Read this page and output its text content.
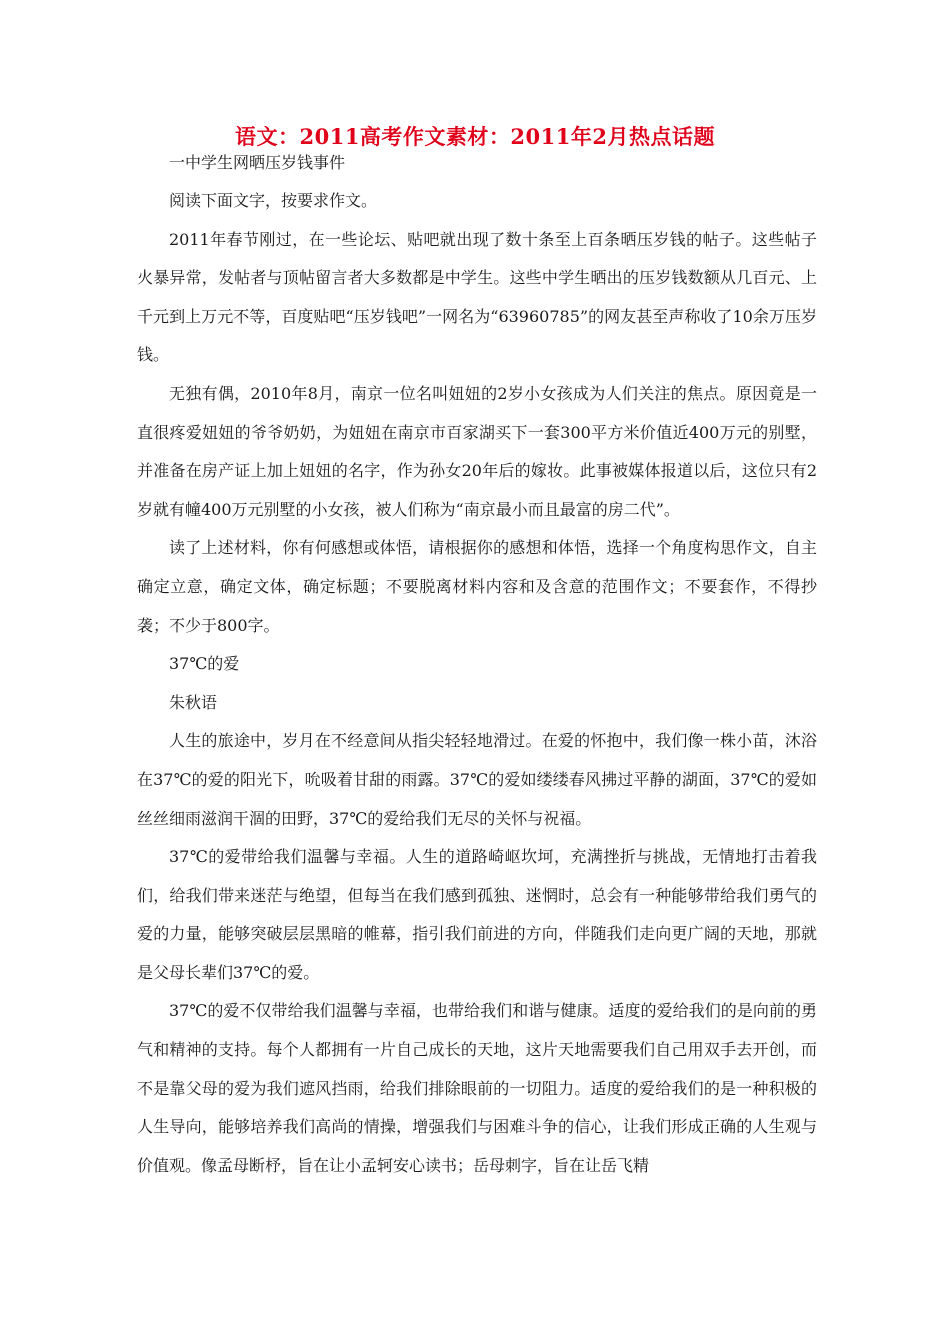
语文：2011高考作文素材：2011年2月热点话题

一中学生网晒压岁钱事件

阅读下面文字，按要求作文。

2011年春节刚过，在一些论坛、贴吧就出现了数十条至上百条晒压岁钱的帖子。这些帖子火暴异常，发帖者与顶帖留言者大多数都是中学生。这些中学生晒出的压岁钱数额从几百元、上千元到上万元不等，百度贴吧“压岁钱吧”一网名为“63960785”的网友甚至声称收了10余万压岁钱。

无独有偶，2010年8月，南京一位名叫妞妞的2岁小女孩成为人们关注的焦点。原因竟是一直很疼爱妞妞的爷爷奶奶，为妞妞在南京市百家湖买下一套300平方米价值近400万元的别墅，并准备在房产证上加上妞妞的名字，作为孙女20年后的嫁妆。此事被媒体报道以后，这位只有2岁就有幢400万元别墅的小女孩，被人们称为“南京最小而且最富的房二代”。

读了上述材料，你有何感想或体悟，请根据你的感想和体悟，选择一个角度构思作文，自主确定立意，确定文体，确定标题；不要脱离材料内容和及含意的范围作文；不要套作，不得抄袭；不少于800字。

37℃的爱

朱秋语

人生的旅途中，岁月在不经意间从指尖轻轻地滑过。在爱的怀抱中，我们像一株小苗，沐浴在37℃的爱的阳光下，吮吸着甘甜的雨露。37℃的爱如缕缕春风拂过平静的湖面，37℃的爱如丝丝细雨滋润干涸的田野，37℃的爱给我们无尽的关怀与祝福。

37℃的爱带给我们温馨与幸福。人生的道路崎岖坎坷，充满挫折与挑战，无情地打击着我们，给我们带来迷茫与绝望，但每当在我们感到孤独、迷惘时，总会有一种能够带给我们勇气的爱的力量，能够突破层层黑暗的帷幕，指引我们前进的方向，伴随我们走向更广阔的天地，那就是父母长辈们37℃的爱。

37℃的爱不仅带给我们温馨与幸福，也带给我们和谐与健康。适度的爱给我们的是向前的勇气和精神的支持。每个人都拥有一片自己成长的天地，这片天地需要我们自己用双手去开创，而不是靠父母的爱为我们遮风挡雨，给我们排除眼前的一切阻力。适度的爱给我们的是一种积极的人生导向，能够培养我们高尚的情操，增强我们与困难斗争的信心，让我们形成正确的人生观与价值观。像孟母断杼，旨在让小孟轲安心读书；岳母刺字，旨在让岳飞精
